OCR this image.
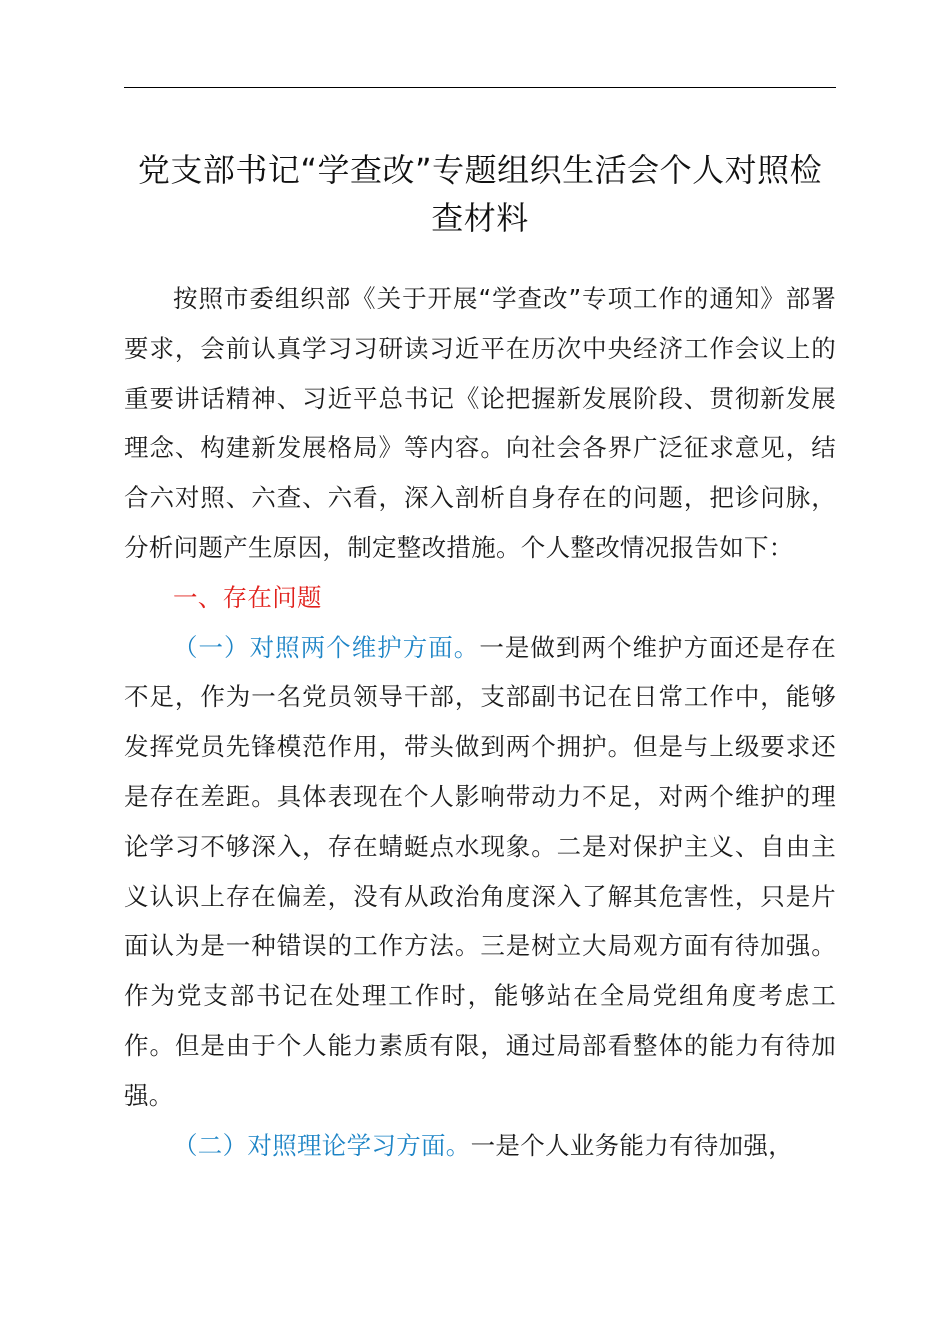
党支部书记“学查改”专题组织生活会个人对照检查材料

按照市委组织部《关于开展“学查改”专项工作的通知》部署要求，会前认真学习习研读习近平在历次中央经济工作会议上的重要讲话精神、习近平总书记《论把握新发展阶段、贯彻新发展理念、构建新发展格局》等内容。向社会各界广泛征求意见，结合六对照、六查、六看，深入剖析自身存在的问题，把诊问脉，分析问题产生原因，制定整改措施。个人整改情况报告如下：

一、存在问题

（一）对照两个维护方面。一是做到两个维护方面还是存在不足，作为一名党员领导干部，支部副书记在日常工作中，能够发挥党员先锋模范作用，带头做到两个拥护。但是与上级要求还是存在差距。具体表现在个人影响带动力不足，对两个维护的理论学习不够深入，存在蜻蜓点水现象。二是对保护主义、自由主义认识上存在偏差，没有从政治角度深入了解其危害性，只是片面认为是一种错误的工作方法。三是树立大局观方面有待加强。作为党支部书记在处理工作时，能够站在全局党组角度考虑工作。但是由于个人能力素质有限，通过局部看整体的能力有待加强。

（二）对照理论学习方面。一是个人业务能力有待加强，
